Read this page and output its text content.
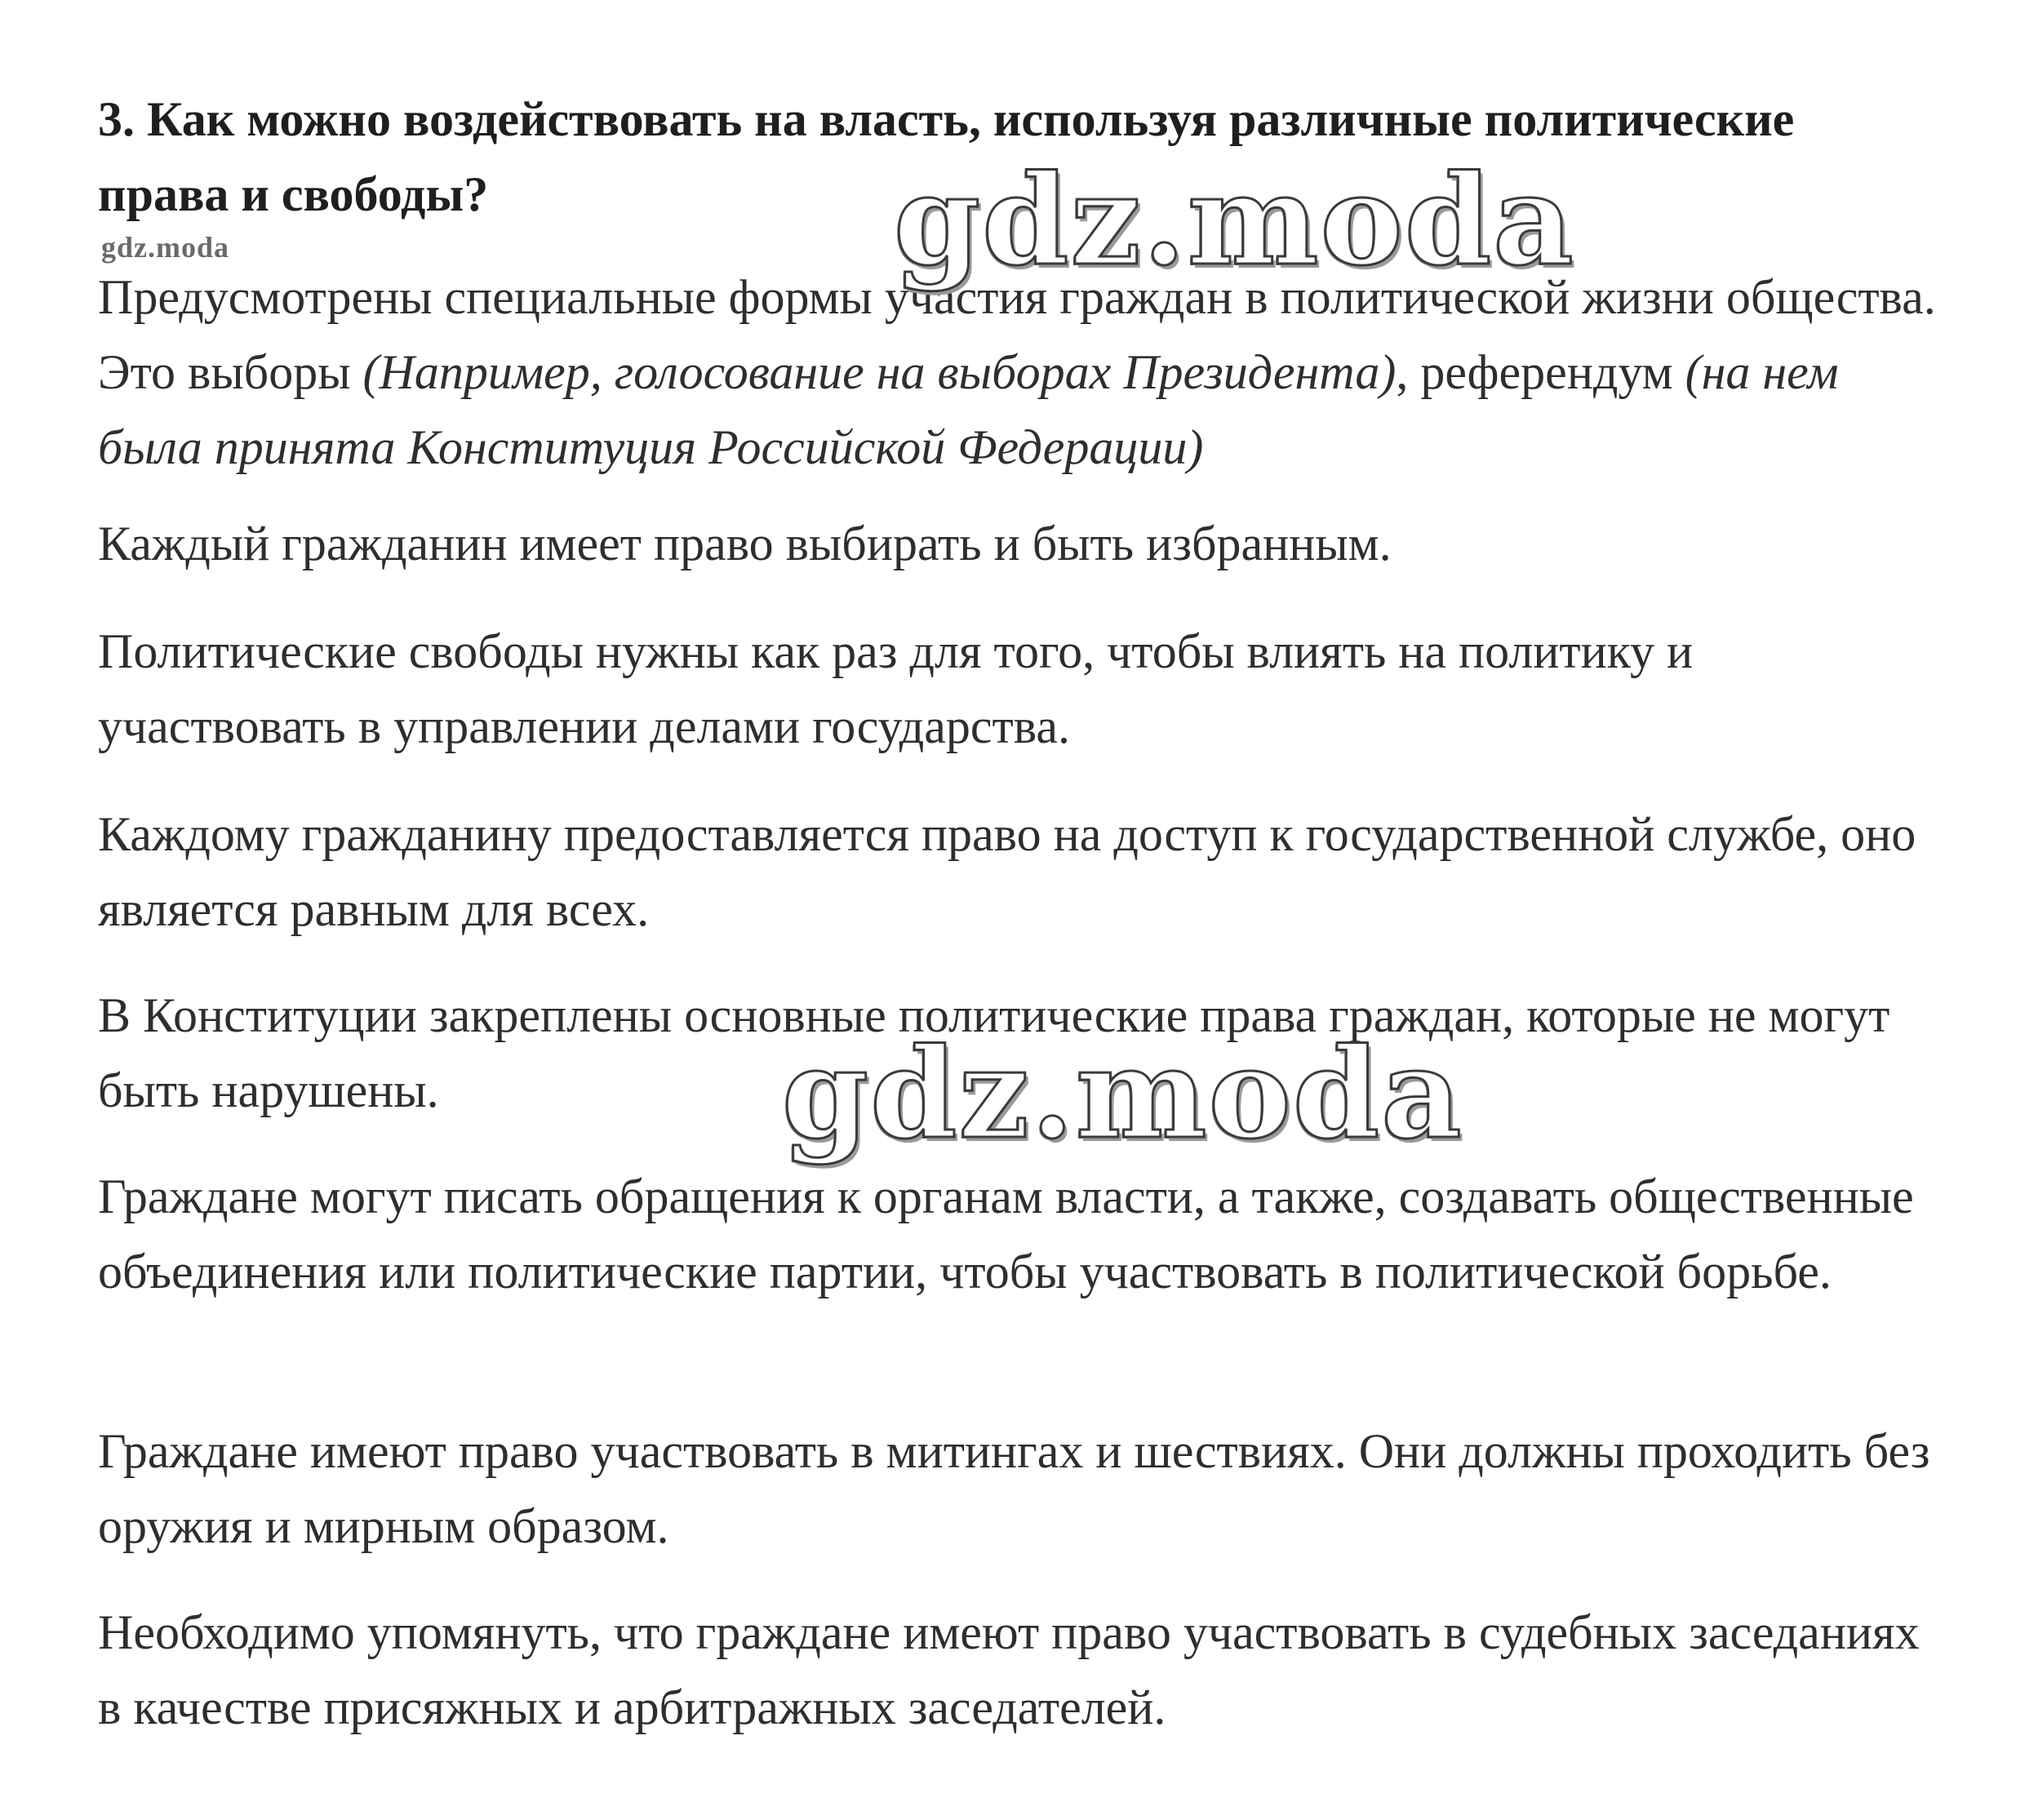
3. Как можно воздействовать на власть, используя различные политические права и свободы?
gdz.moda

Предусмотрены специальные формы участия граждан в политической жизни общества. Это выборы (Например, голосование на выборах Президента), референдум (на нем была принята Конституция Российской Федерации)

Каждый гражданин имеет право выбирать и быть избранным.

Политические свободы нужны как раз для того, чтобы влиять на политику и участвовать в управлении делами государства.

Каждому гражданину предоставляется право на доступ к государственной службе, оно является равным для всех.

В Конституции закреплены основные политические права граждан, которые не могут быть нарушены.

Граждане могут писать обращения к органам власти, а также, создавать общественные объединения или политические партии, чтобы участвовать в политической борьбе.

Граждане имеют право участвовать в митингах и шествиях. Они должны проходить без оружия и мирным образом.

Необходимо упомянуть, что граждане имеют право участвовать в судебных заседаниях в качестве присяжных и арбитражных заседателей.

gdz.moda
gdz.moda
